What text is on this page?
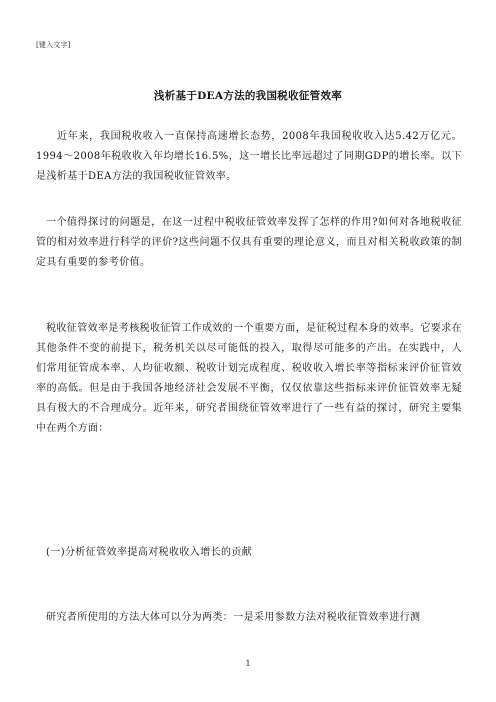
[键入文字]
浅析基于DEA方法的我国税收征管效率
近年来，我国税收收入一直保持高速增长态势，2008年我国税收收入达5.42万亿元。1994～2008年税收收入年均增长16.5%，这一增长比率远超过了同期GDP的增长率。以下是浅析基于DEA方法的我国税收征管效率。
一个值得探讨的问题是，在这一过程中税收征管效率发挥了怎样的作用?如何对各地税收征管的相对效率进行科学的评价?这些问题不仅具有重要的理论意义，而且对相关税收政策的制定具有重要的参考价值。
税收征管效率是考核税收征管工作成效的一个重要方面，是征税过程本身的效率。它要求在其他条件不变的前提下，税务机关以尽可能低的投入，取得尽可能多的产出。在实践中，人们常用征管成本率、人均征收额、税收计划完成程度、税收收入增长率等指标来评价征管效率的高低。但是由于我国各地经济社会发展不平衡，仅仅依靠这些指标来评价征管效率无疑具有极大的不合理成分。近年来，研究者围绕征管效率进行了一些有益的探讨，研究主要集中在两个方面：
(一)分析征管效率提高对税收收入增长的贡献
研究者所使用的方法大体可以分为两类：一是采用参数方法对税收征管效率进行测
1
